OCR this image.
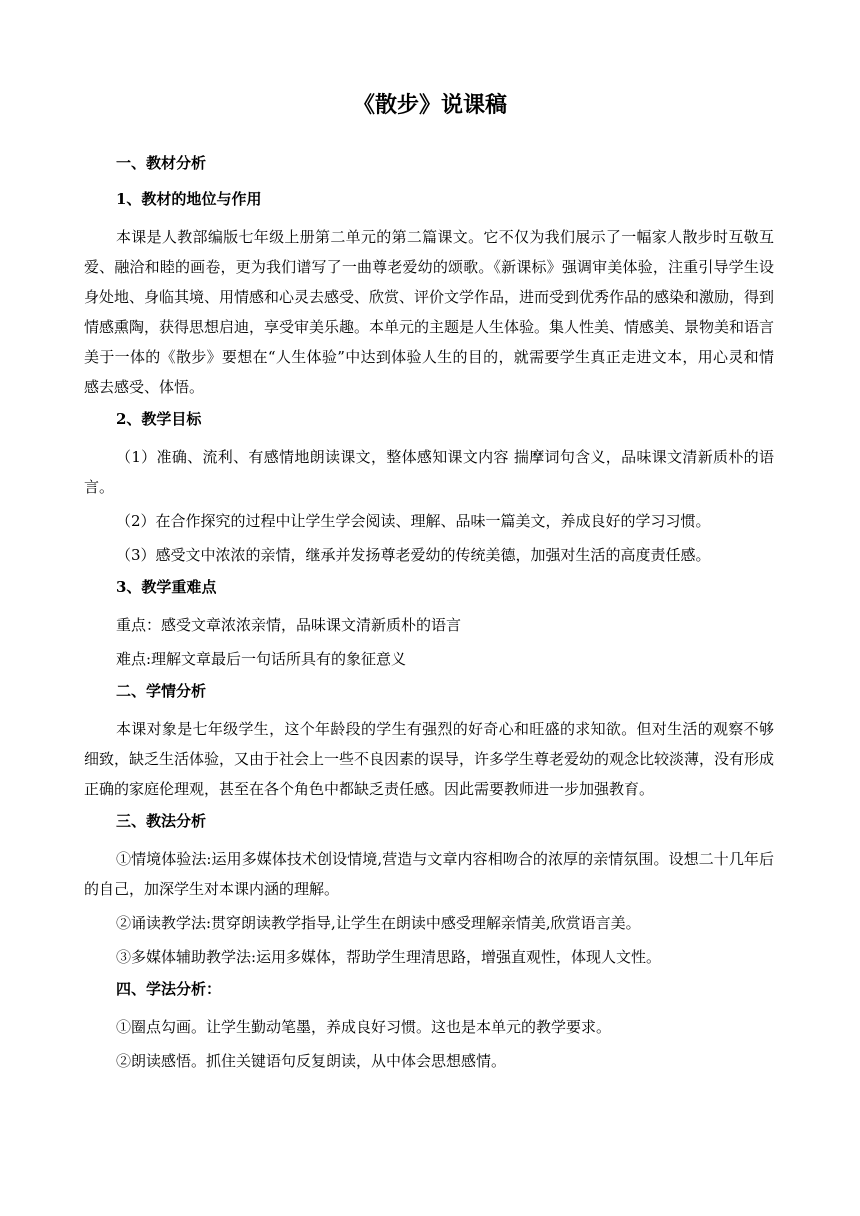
《散步》说课稿
一、教材分析
1、教材的地位与作用
本课是人教部编版七年级上册第二单元的第二篇课文。它不仅为我们展示了一幅家人散步时互敬互爱、融洽和睦的画卷，更为我们谱写了一曲尊老爱幼的颂歌。《新课标》强调审美体验，注重引导学生设身处地、身临其境、用情感和心灵去感受、欣赏、评价文学作品，进而受到优秀作品的感染和激励，得到情感熏陶，获得思想启迪，享受审美乐趣。本单元的主题是人生体验。集人性美、情感美、景物美和语言美于一体的《散步》要想在“人生体验”中达到体验人生的目的，就需要学生真正走进文本，用心灵和情感去感受、体悟。
2、教学目标
（1）准确、流利、有感情地朗读课文，整体感知课文内容 揣摩词句含义，品味课文清新质朴的语言。
（2）在合作探究的过程中让学生学会阅读、理解、品味一篇美文，养成良好的学习习惯。
（3）感受文中浓浓的亲情，继承并发扬尊老爱幼的传统美德，加强对生活的高度责任感。
3、教学重难点
重点：感受文章浓浓亲情，品味课文清新质朴的语言
难点:理解文章最后一句话所具有的象征意义
二、学情分析
本课对象是七年级学生，这个年龄段的学生有强烈的好奇心和旺盛的求知欲。但对生活的观察不够细致，缺乏生活体验，又由于社会上一些不良因素的误导，许多学生尊老爱幼的观念比较淡薄，没有形成正确的家庭伦理观，甚至在各个角色中都缺乏责任感。因此需要教师进一步加强教育。
三、教法分析
①情境体验法:运用多媒体技术创设情境,营造与文章内容相吻合的浓厚的亲情氛围。设想二十几年后的自己，加深学生对本课内涵的理解。
②诵读教学法:贯穿朗读教学指导,让学生在朗读中感受理解亲情美,欣赏语言美。
③多媒体辅助教学法:运用多媒体，帮助学生理清思路，增强直观性，体现人文性。
四、学法分析：
①圈点勾画。让学生勤动笔墨，养成良好习惯。这也是本单元的教学要求。
②朗读感悟。抓住关键语句反复朗读，从中体会思想感情。
